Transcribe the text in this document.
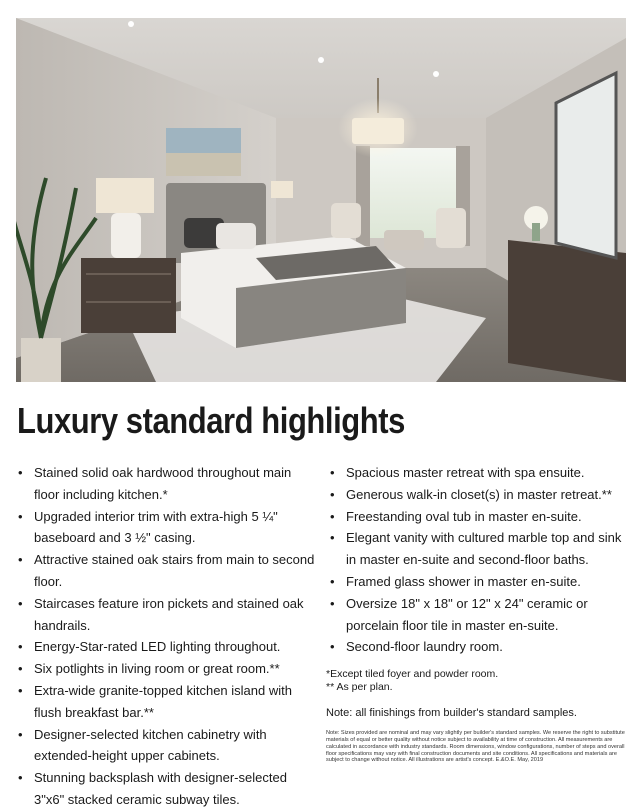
Luxury standard highlights
• Stained solid oak hardwood throughout main floor including kitchen.*
• Upgraded interior trim with extra-high 5 ¼" baseboard and 3 ½" casing.
• Attractive stained oak stairs from main to second floor.
• Staircases feature iron pickets and stained oak handrails.
• Energy-Star-rated LED lighting throughout.
• Six potlights in living room or great room.**
• Extra-wide granite-topped kitchen island with flush breakfast bar.**
• Designer-selected kitchen cabinetry with extended-height upper cabinets.
• Stunning backsplash with designer-selected 3"x6" stacked ceramic subway tiles.
• Spacious master retreat with spa ensuite.
• Generous walk-in closet(s) in master retreat.**
• Freestanding oval tub in master en-suite.
• Elegant vanity with cultured marble top and sink in master en-suite and second-floor baths.
• Framed glass shower in master en-suite.
• Oversize 18" x 18" or 12" x 24" ceramic or porcelain floor tile in master en-suite.
• Second-floor laundry room.
*Except tiled foyer and powder room.
** As per plan.
Note: all finishings from builder's standard samples.
Note: Sizes provided are nominal and may vary slightly per builder's standard samples. We reserve the right to substitute materials of equal or better quality without notice subject to availability at time of construction. All measurements are calculated in accordance with industry standards. Room dimensions, window configurations, number of steps and overall floor specifications may vary with final construction documents and site conditions. All specifications and materials are subject to change without notice. All illustrations are artist's concept. E.&O.E. May, 2019
